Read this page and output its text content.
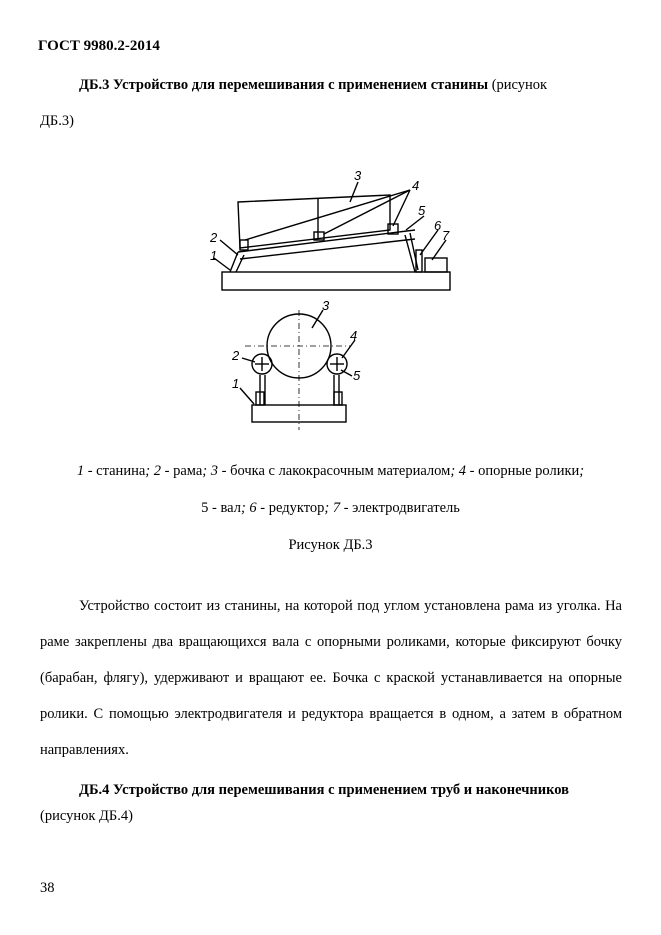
ГОСТ 9980.2-2014
ДБ.3 Устройство для перемешивания с применением станины (рисунок
ДБ.3)
3
4
5
6
7
2
1
3
4
2
5
1
1 - станина; 2 - рама; 3 - бочка с лакокрасочным материалом; 4 - опорные ролики;
5 - вал; 6 - редуктор; 7 - электродвигатель
Рисунок ДБ.3
Устройство состоит из станины, на которой под углом установлена рама из уголка. На раме закреплены два вращающихся вала с опорными роликами, которые фиксируют бочку (барабан, флягу), удерживают и вращают ее. Бочка с краской устанавливается на опорные ролики. С помощью электродвигателя и редуктора вращается в одном, а затем в обратном направлениях.
ДБ.4 Устройство для перемешивания с применением труб и наконечников
(рисунок ДБ.4)
38
